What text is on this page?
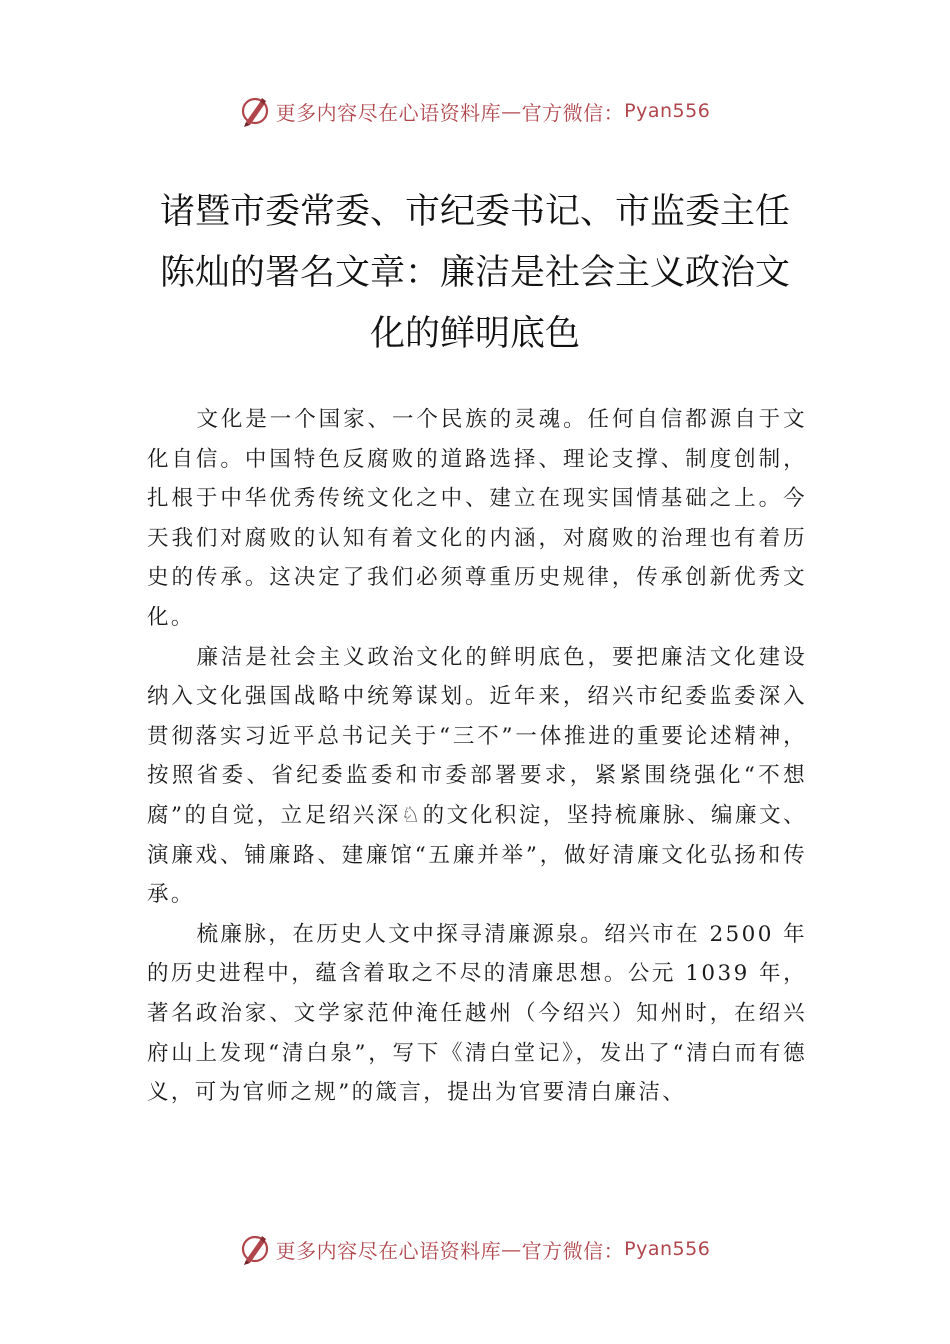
更多内容尽在心语资料库 — 官方微信： Pyan556
诸暨市委常委、市纪委书记、市监委主任
陈灿的署名文章：廉洁是社会主义政治文
化的鲜明底色

文化是一个国家、一个民族的灵魂。任何自信都源自于文化自信。中国特色反腐败的道路选择、理论支撑、制度创制，扎根于中华优秀传统文化之中、建立在现实国情基础之上。今天我们对腐败的认知有着文化的内涵，对腐败的治理也有着历史的传承。这决定了我们必须尊重历史规律，传承创新优秀文化。

廉洁是社会主义政治文化的鲜明底色，要把廉洁文化建设纳入文化强国战略中统筹谋划。近年来，绍兴市纪委监委深入贯彻落实习近平总书记关于“三不”一体推进的重要论述精神，按照省委、省纪委监委和市委部署要求，紧紧围绕强化“不想腐”的自觉，立足绍兴深♘的文化积淀，坚持梳廉脉、编廉文、演廉戏、铺廉路、建廉馆“五廉并举”，做好清廉文化弘扬和传承。

梳廉脉，在历史人文中探寻清廉源泉。绍兴市在 2500 年的历史进程中，蕴含着取之不尽的清廉思想。公元 1039 年，著名政治家、文学家范仲淹任越州（今绍兴）知州时，在绍兴府山上发现“清白泉”，写下《清白堂记》，发出了“清白而有德义，可为官师之规”的箴言，提出为官要清白廉洁、

更多内容尽在心语资料库 — 官方微信： Pyan556
